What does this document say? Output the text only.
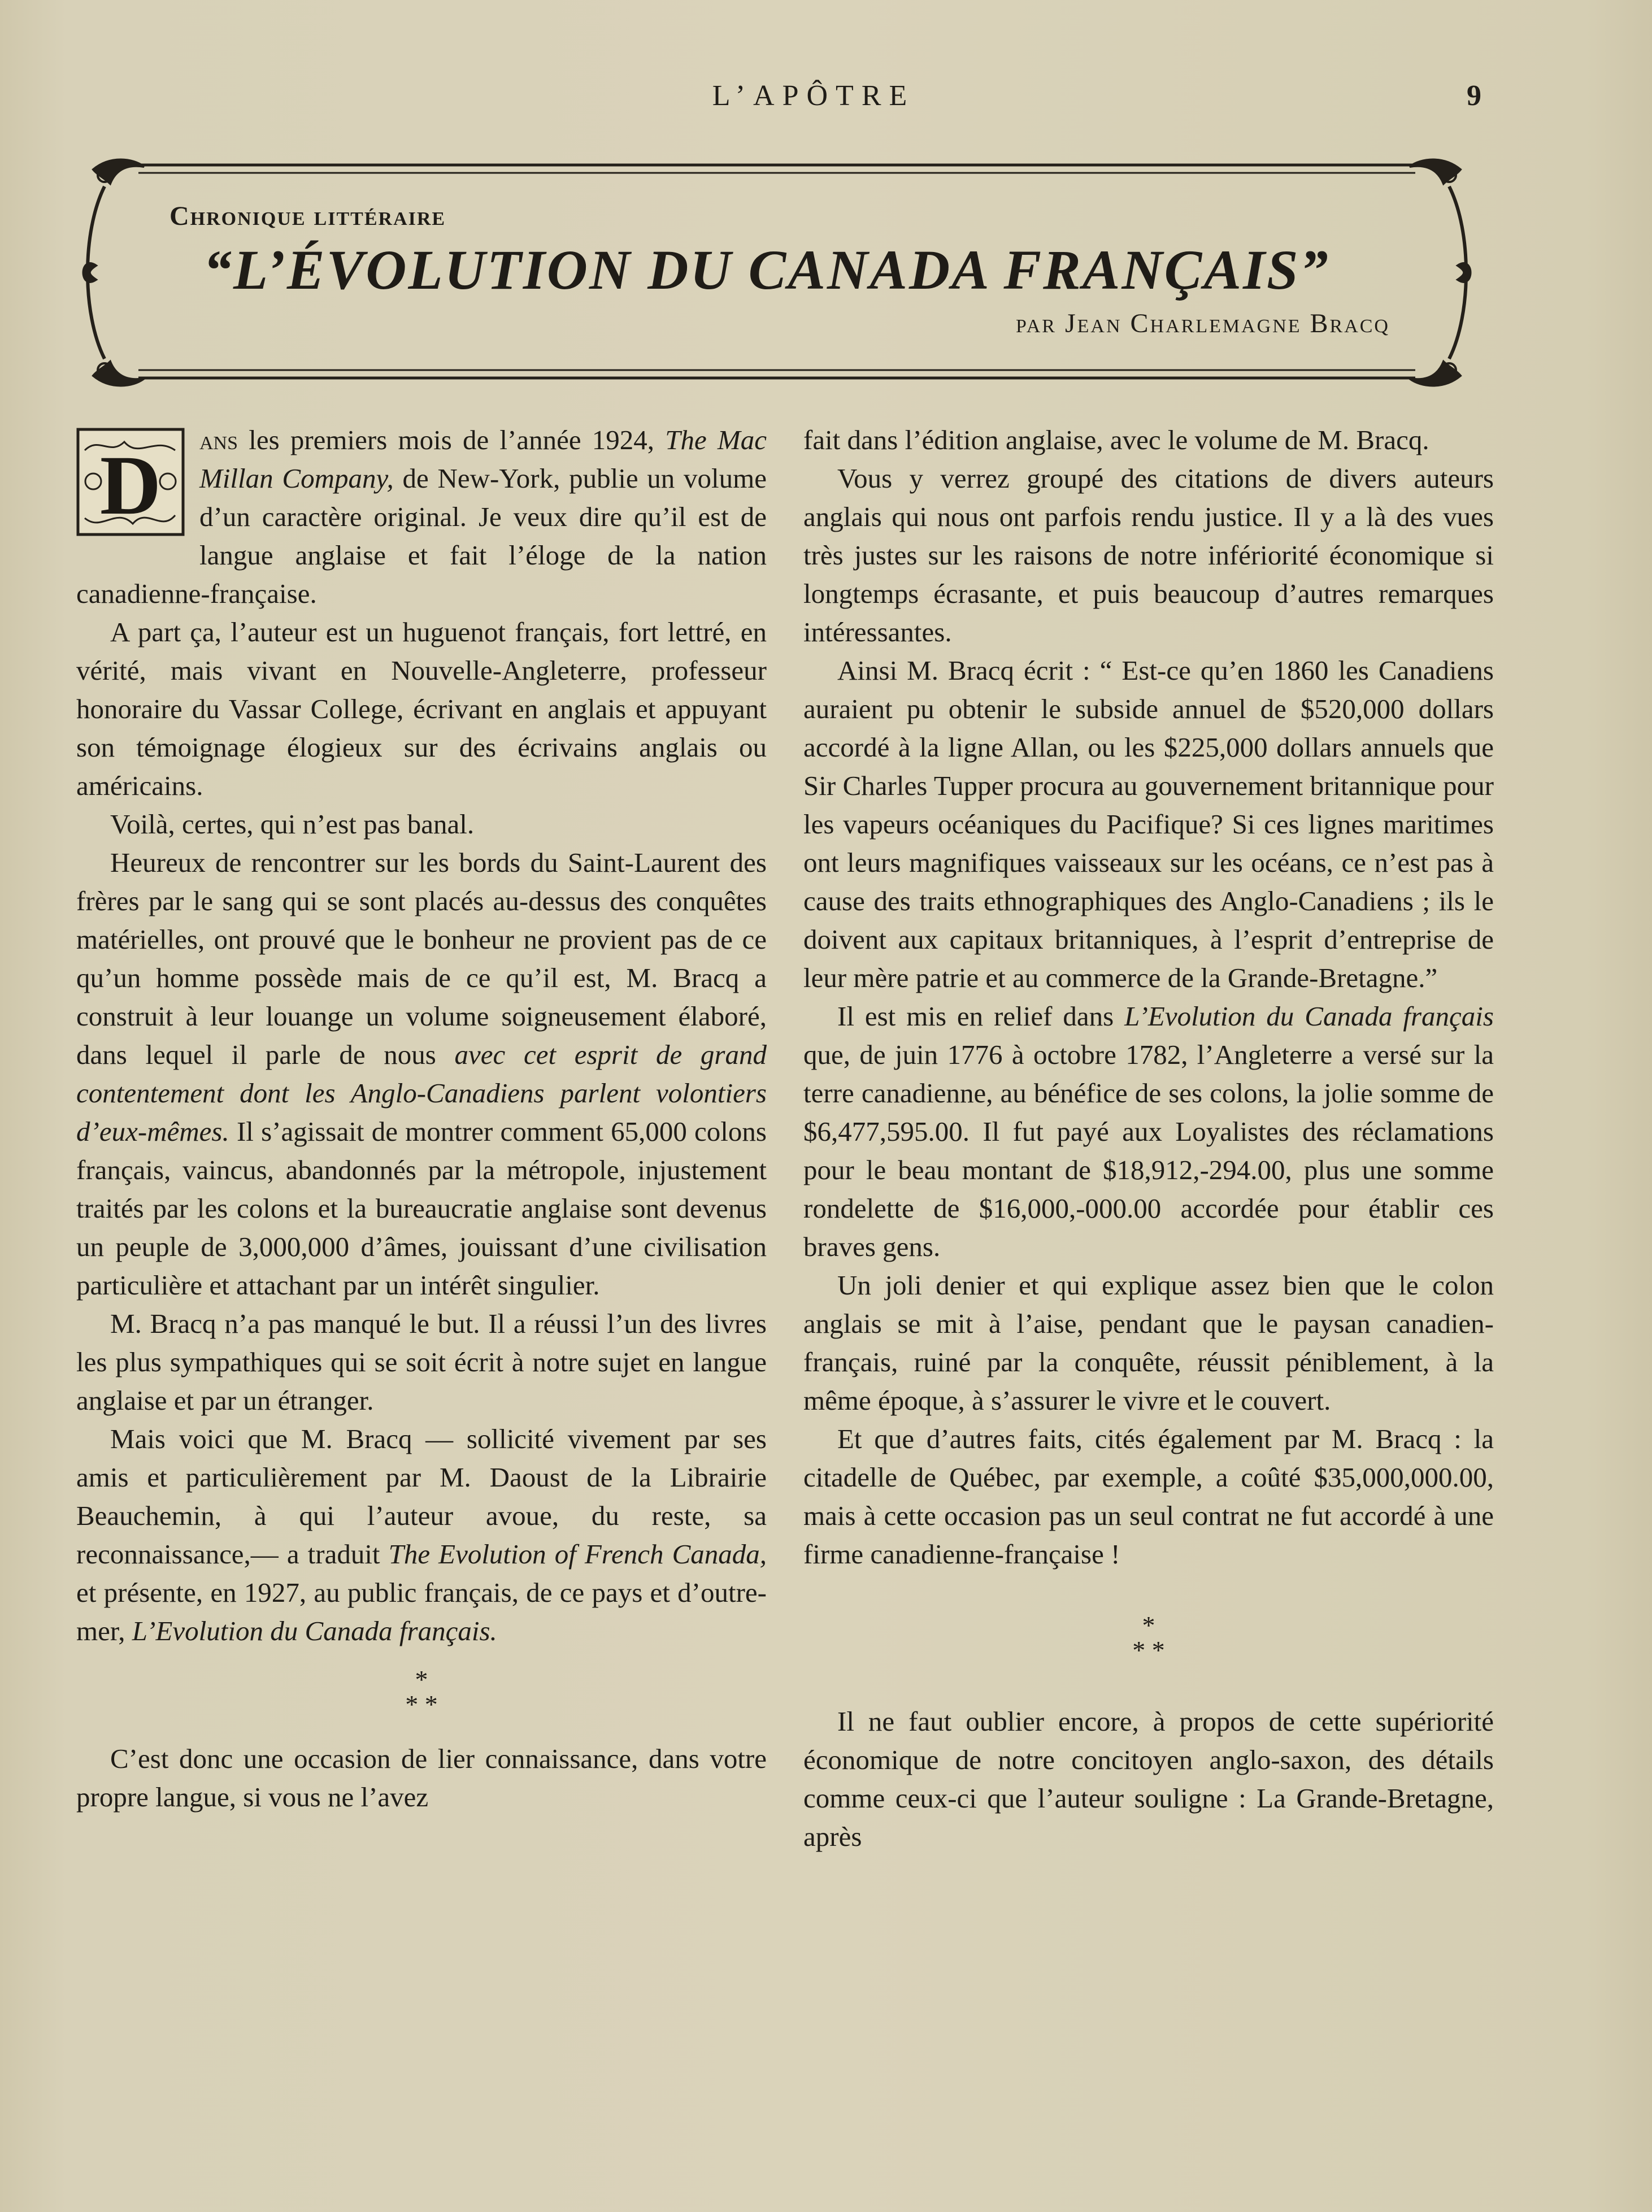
L’APÔTRE	9
Chronique littéraire
“L’ÉVOLUTION DU CANADA FRANÇAIS”
par Jean Charlemagne Bracq

D ans les premiers mois de l’année 1924, The Mac Millan Company, de New-York, publie un volume d’un caractère original. Je veux dire qu’il est de langue anglaise et fait l’éloge de la nation canadienne-française.

A part ça, l’auteur est un huguenot français, fort lettré, en vérité, mais vivant en Nouvelle-Angleterre, professeur honoraire du Vassar College, écrivant en anglais et appuyant son témoignage élogieux sur des écrivains anglais ou américains.

Voilà, certes, qui n’est pas banal.

Heureux de rencontrer sur les bords du Saint-Laurent des frères par le sang qui se sont placés au-dessus des conquêtes matérielles, ont prouvé que le bonheur ne provient pas de ce qu’un homme possède mais de ce qu’il est, M. Bracq a construit à leur louange un volume soigneusement élaboré, dans lequel il parle de nous avec cet esprit de grand contentement dont les Anglo-Canadiens parlent volontiers d’eux-mêmes. Il s’agissait de montrer comment 65,000 colons français, vaincus, abandonnés par la métropole, injustement traités par les colons et la bureaucratie anglaise sont devenus un peuple de 3,000,000 d’âmes, jouissant d’une civilisation particulière et attachant par un intérêt singulier.

M. Bracq n’a pas manqué le but. Il a réussi l’un des livres les plus sympathiques qui se soit écrit à notre sujet en langue anglaise et par un étranger.

Mais voici que M. Bracq — sollicité vivement par ses amis et particulièrement par M. Daoust de la Librairie Beauchemin, à qui l’auteur avoue, du reste, sa reconnaissance,— a traduit The Evolution of French Canada, et présente, en 1927, au public français, de ce pays et d’outre-mer, L’Evolution du Canada français.

*
* *

C’est donc une occasion de lier connaissance, dans votre propre langue, si vous ne l’avez

fait dans l’édition anglaise, avec le volume de M. Bracq.

Vous y verrez groupé des citations de divers auteurs anglais qui nous ont parfois rendu justice. Il y a là des vues très justes sur les raisons de notre infériorité économique si longtemps écrasante, et puis beaucoup d’autres remarques intéressantes.

Ainsi M. Bracq écrit : “ Est-ce qu’en 1860 les Canadiens auraient pu obtenir le subside annuel de $520,000 dollars accordé à la ligne Allan, ou les $225,000 dollars annuels que Sir Charles Tupper procura au gouvernement britannique pour les vapeurs océaniques du Pacifique? Si ces lignes maritimes ont leurs magnifiques vaisseaux sur les océans, ce n’est pas à cause des traits ethnographiques des Anglo-Canadiens ; ils le doivent aux capitaux britanniques, à l’esprit d’entreprise de leur mère patrie et au commerce de la Grande-Bretagne.”

Il est mis en relief dans L’Evolution du Canada français que, de juin 1776 à octobre 1782, l’Angleterre a versé sur la terre canadienne, au bénéfice de ses colons, la jolie somme de $6,477,595.00. Il fut payé aux Loyalistes des réclamations pour le beau montant de $18,912,-294.00, plus une somme rondelette de $16,000,-000.00 accordée pour établir ces braves gens.

Un joli denier et qui explique assez bien que le colon anglais se mit à l’aise, pendant que le paysan canadien-français, ruiné par la conquête, réussit péniblement, à la même époque, à s’assurer le vivre et le couvert.

Et que d’autres faits, cités également par M. Bracq : la citadelle de Québec, par exemple, a coûté $35,000,000.00, mais à cette occasion pas un seul contrat ne fut accordé à une firme canadienne-française !

*
* *

Il ne faut oublier encore, à propos de cette supériorité économique de notre concitoyen anglo-saxon, des détails comme ceux-ci que l’auteur souligne : La Grande-Bretagne, après
